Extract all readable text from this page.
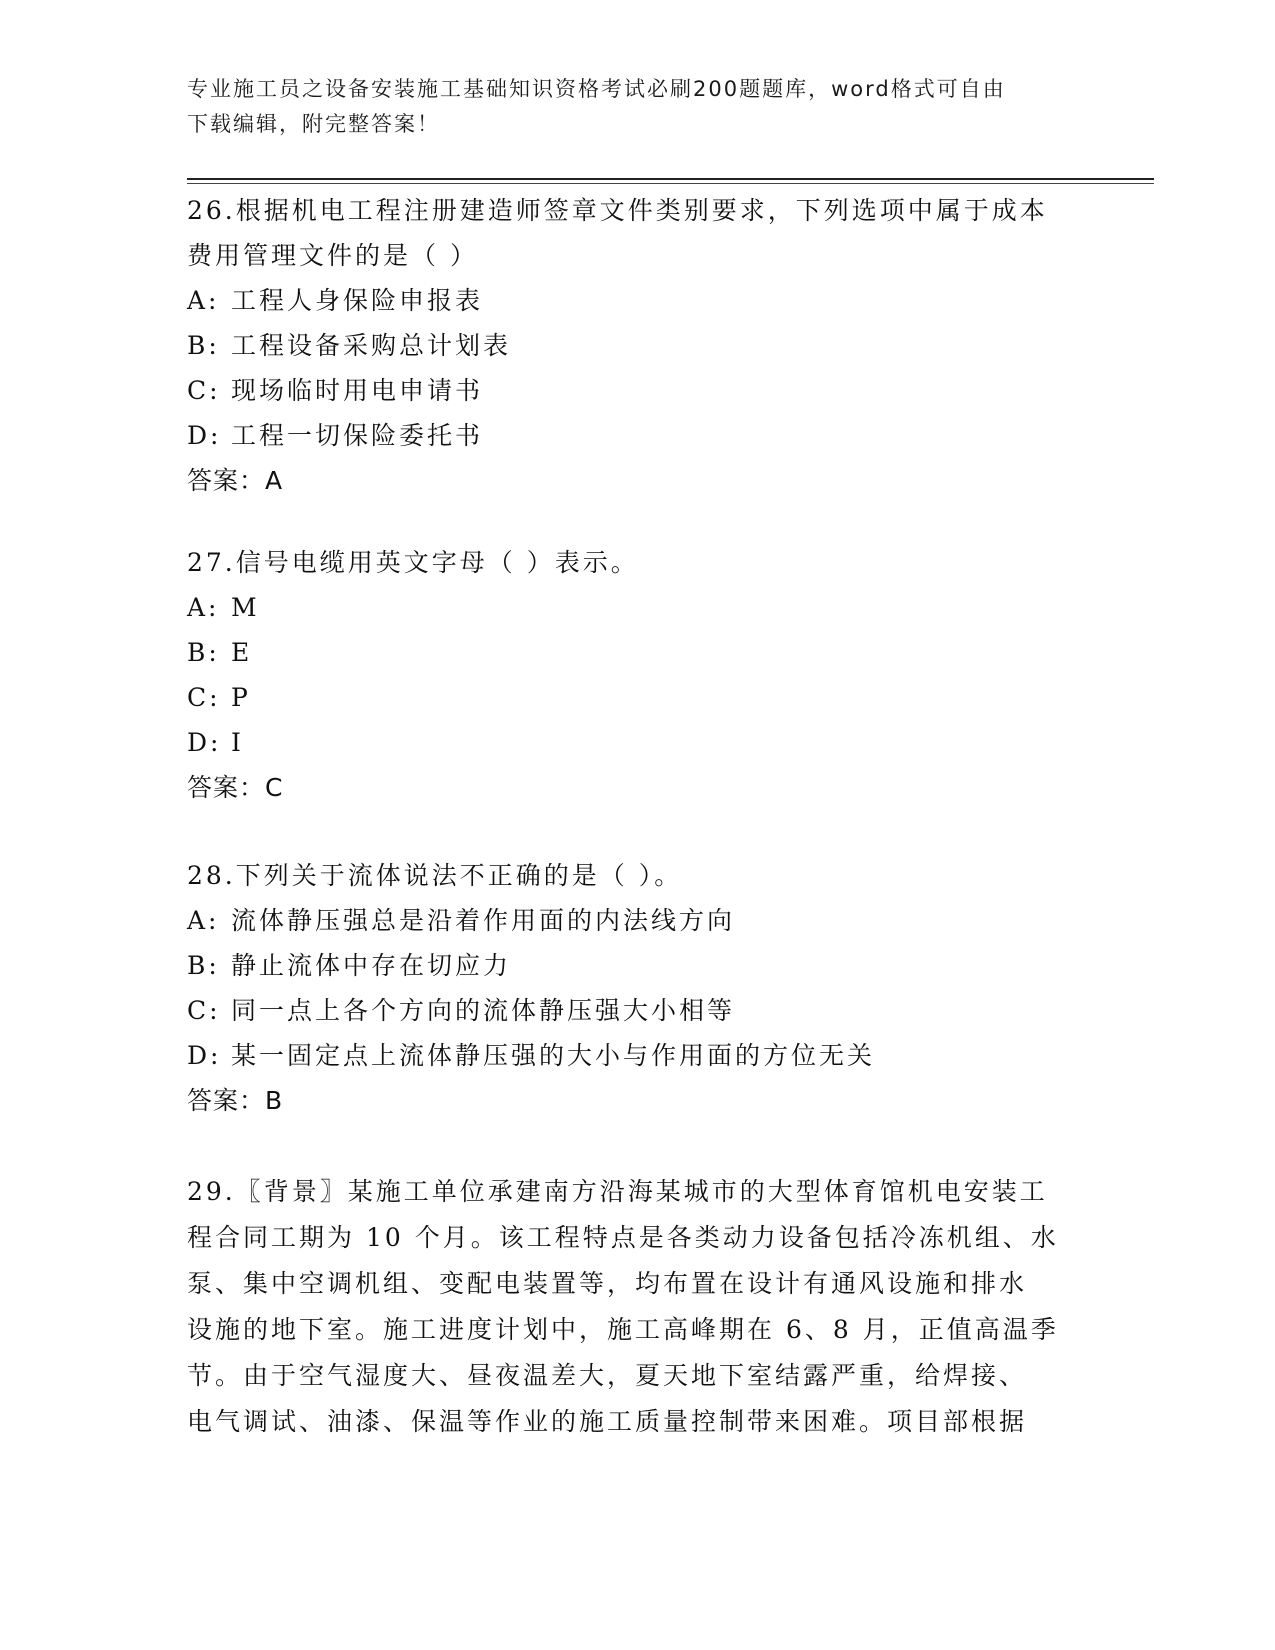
专业施工员之设备安装施工基础知识资格考试必刷200题题库，word格式可自由
下载编辑，附完整答案！
26.根据机电工程注册建造师签章文件类别要求，下列选项中属于成本
费用管理文件的是（ ）
A: 工程人身保险申报表
B: 工程设备采购总计划表
C: 现场临时用电申请书
D: 工程一切保险委托书
答案：A
27.信号电缆用英文字母（ ）表示。
A: M
B: E
C: P
D: I
答案：C
28.下列关于流体说法不正确的是（ ）。
A: 流体静压强总是沿着作用面的内法线方向
B: 静止流体中存在切应力
C: 同一点上各个方向的流体静压强大小相等
D: 某一固定点上流体静压强的大小与作用面的方位无关
答案：B
29.〖背景〗某施工单位承建南方沿海某城市的大型体育馆机电安装工
程合同工期为 10 个月。该工程特点是各类动力设备包括冷冻机组、水
泵、集中空调机组、变配电装置等，均布置在设计有通风设施和排水
设施的地下室。施工进度计划中，施工高峰期在 6、8 月，正值高温季
节。由于空气湿度大、昼夜温差大，夏天地下室结露严重，给焊接、
电气调试、油漆、保温等作业的施工质量控制带来困难。项目部根据
